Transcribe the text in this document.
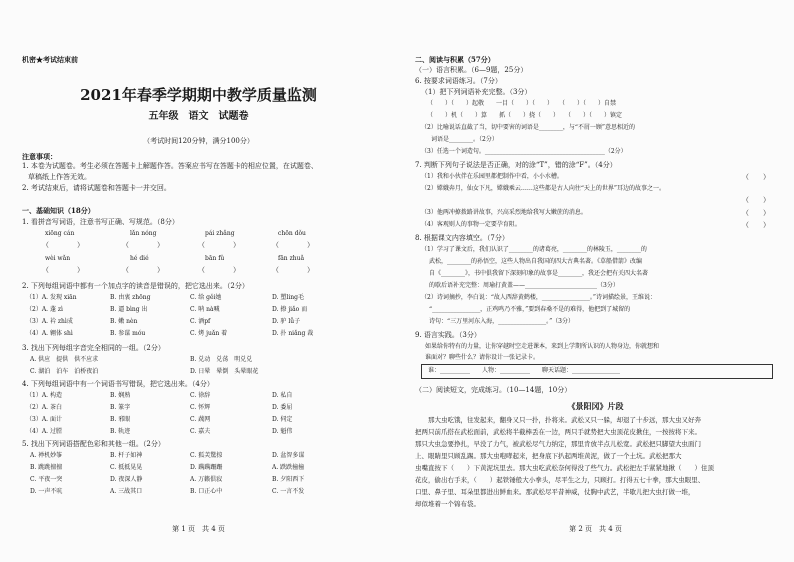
机密★考试结束前
2021年春季学期期中教学质量监测
五年级　语文　试题卷
（考试时间120分钟，满分100分）
注意事项：
1. 本卷为试题卷。考生必须在答题卡上解题作答。答案应书写在答题卡的相应位置，在试题卷、
草稿纸上作答无效。
2. 考试结束后，请将试题卷和答题卡一并交回。
一、基础知识（18分）
1. 看拼音写词语，注意书写正确、写规范。（8分）
xiōng cán	lǎn nóng	pái zhǎng	chōn dǒu
（　　　　）	（　　　　）	（　　　　）	（　　　　）
wèi wǎn	hé dié	bān fǔ	fān zhuǎ
（　　　　）	（　　　　）	（　　　　）	（　　　　）
2. 下列每组词语中都有一个加点字的读音是错误的，把它选出来。（2分）
（1）A. 发现 xiān	B. 由衷 zhōng	C. 给 gěi她	D. 塑ling毛
（2）A. 蓬 zì	B. 逼 bìng 出	C. 呐 nà喊	D. 撩 jiǎo 而
（3）A. 衿 zhì成	B. 嫩 nèn	C. 酒pf	D. 驴 lǚ子
（4）A. 翱体 shì	B. 参谋 móu	C. 烤 juǎn 着	D. 扑 niǎng 裁
3. 找出下列每组字音完全相同的一组。（2分）
A. 供应　提供　供不应求	B. 兑动　兑荡　明兑兑
C. 湖泊　泊车　泊桥夜泊	D. 日晕　晕倒　头晕眼花
4. 下列每组词语中有一个词语书写错误，把它选出来。（4分）
（1）A. 构造	B. 娴熟	C. 徐辞	D. 私自
（2）A. 茶白	B. 篆字	C. 怀辉	D. 委屈
（3）A. 面计	B. 邪眼	C. 蔬网	D. 伺定
（4）A. 过膛	B. 轨迹	C. 嘉夫	D. 魁伟
5. 找出下列词语搭配色彩和其他一组。（2分）
A. 禅机妙筝	B. 杆子如神	C. 狐芙驚掠	D. 盆智多谋
B. 跳跳擅擅	C. 抵抵晃晃	D. 蹒蹒跚跚	A. 跌跌撞撞
C. 平夜一突	D. 夜深人静	A. 万籁俱寂	B. 夕阳西下
D. 一声不吭	A. 三战其口	B. 口正心中	C. 一言不发
第 1 页　共 4 页
二、阅读与积累（57分）
（一）语言积累。（6—9题，25分）
6. 按要求词语练习。（7分）
（1）把下列词语补充完整。（3分）
（　　）（　　）起敬　　一目（　　）（　　）　　（　　）（　　）自禁
（　　）机（　　）算　　抓（　　）挠（　　）　　（　　）（　　）镇定
（2）比喻说话直截了当，切中要害的词语是________，与“不屑一顾”意思相近的
词语是________。（2分）
（3）任选一个词造句。________________________________________（2分）
7. 判断下列句子说法是否正确，对的涂“T”，错的涂“F”。（4分）
（1）我和小伙伴在乐园里都把制作中看，小小水槽。	（　　）
（2）嫦娥奔月，仙女下凡，嫦娥乘云……这些都是古人向往“天上的世界”耳边的故事之一。
（　　）
（3）他两冲撩拨路讲故事，兴高采烈地给我写大嫩蔗的消息。	（　　）
（4）客观则人的事物一定要孕育阻。	（　　）
8. 根据课文内容填空。（7分）
（1）学习了课文后，我们认识了________的诸葛亮，________的林陵玉，________的
武松，________的孙悟空，这些人物出自我国的四大古典名著。《草船借箭》改编
自《________》，书中俱我留下深刻印象的故事是________，我还会把有关四大名著
的歇后语补充完整：周瑜打黄盖——________________________（3分）
（2）诗词摘抄，李白说：“故人西辞黄鹤楼，________________。”诗词描绘景，王维说：
“________________，正鸡鸣乃不雅，”要到春桑不是的难得，他把到了城留的
诗句：“三万里河东入海，________________。”（3分）
9. 语言实践。（3分）
如果给你特有的力量，让你穿越时空走进课本，来到上学期所认识的人物身边，你就想和
谁面对？聊些什么？请你设计一张记录卡。
谁：__________　　人物：__________　　聊天话题：________________
（二）阅读短文，完成练习。（10—14题，10分）
《景阳冈》片段
　　那大虫吃饿，往发起来，翻身又只一扑，扑将来。武松又只一躲，却退了十步远，那大虫又好奔
把两只前爪搭在武松面前，武松将半截棒丢在一边，两只手就势把大虫顶花皮揪住，一按按将下来。
那只大虫急要挣扎，早没了力气，被武松尽气力纳定，那里肯放半点儿松宽。武松把只脚望大虫面门
上、眼睛里只顾乱踢。那大虫咆哮起来，把身底下扒起两堆黄泥，做了一个土坑。武松把那大
虫嘴直按下（　　）下黄泥坑里去。那大虫吃武松奈何得没了些气力。武松把左手紧紧地揪（　　）住顶
花皮，偷出右手来，（　　）起铁锤般大小拳头，尽平生之力，只顾打。打得五七十拳，那大虫眼里、
口里、鼻子里、耳朵里都进出鲜血来。那武松尽平昔神威，仗胸中武艺，半歇儿把大虫打做一堆，
却似堆着一个锦布袋。
第 2 页　共 4 页
